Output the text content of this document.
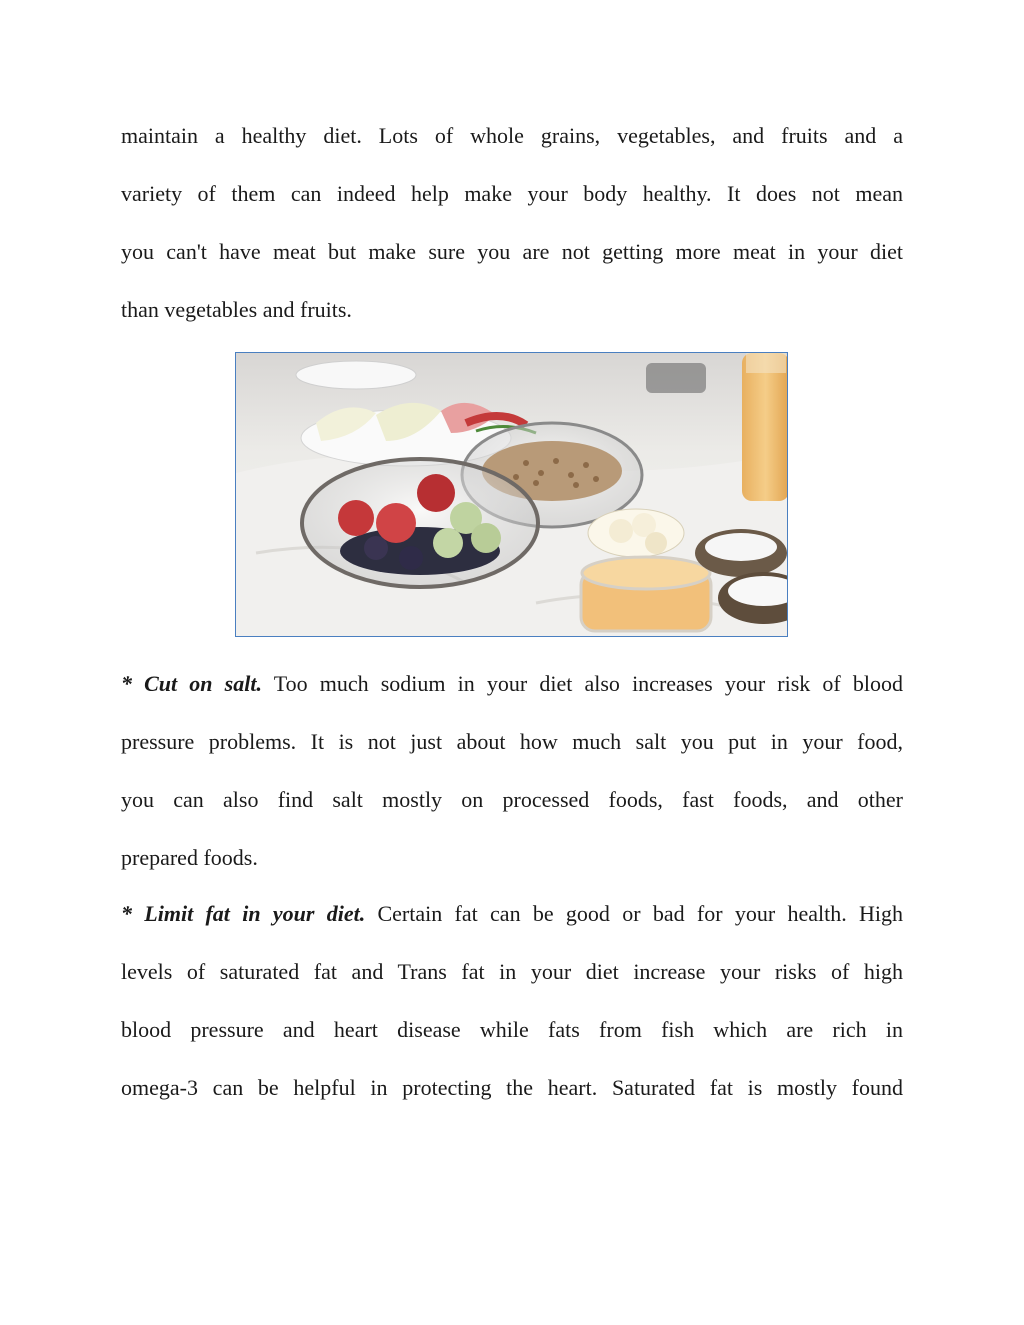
maintain a healthy diet. Lots of whole grains, vegetables, and fruits and a
variety of them can indeed help make your body healthy. It does not mean
you can't have meat but make sure you are not getting more meat in your diet
than vegetables and fruits.

* Cut on salt. Too much sodium in your diet also increases your risk of blood
pressure problems. It is not just about how much salt you put in your food,
you can also find salt mostly on processed foods, fast foods, and other
prepared foods.

* Limit fat in your diet. Certain fat can be good or bad for your health. High
levels of saturated fat and Trans fat in your diet increase your risks of high
blood pressure and heart disease while fats from fish which are rich in
omega-3 can be helpful in protecting the heart. Saturated fat is mostly found
